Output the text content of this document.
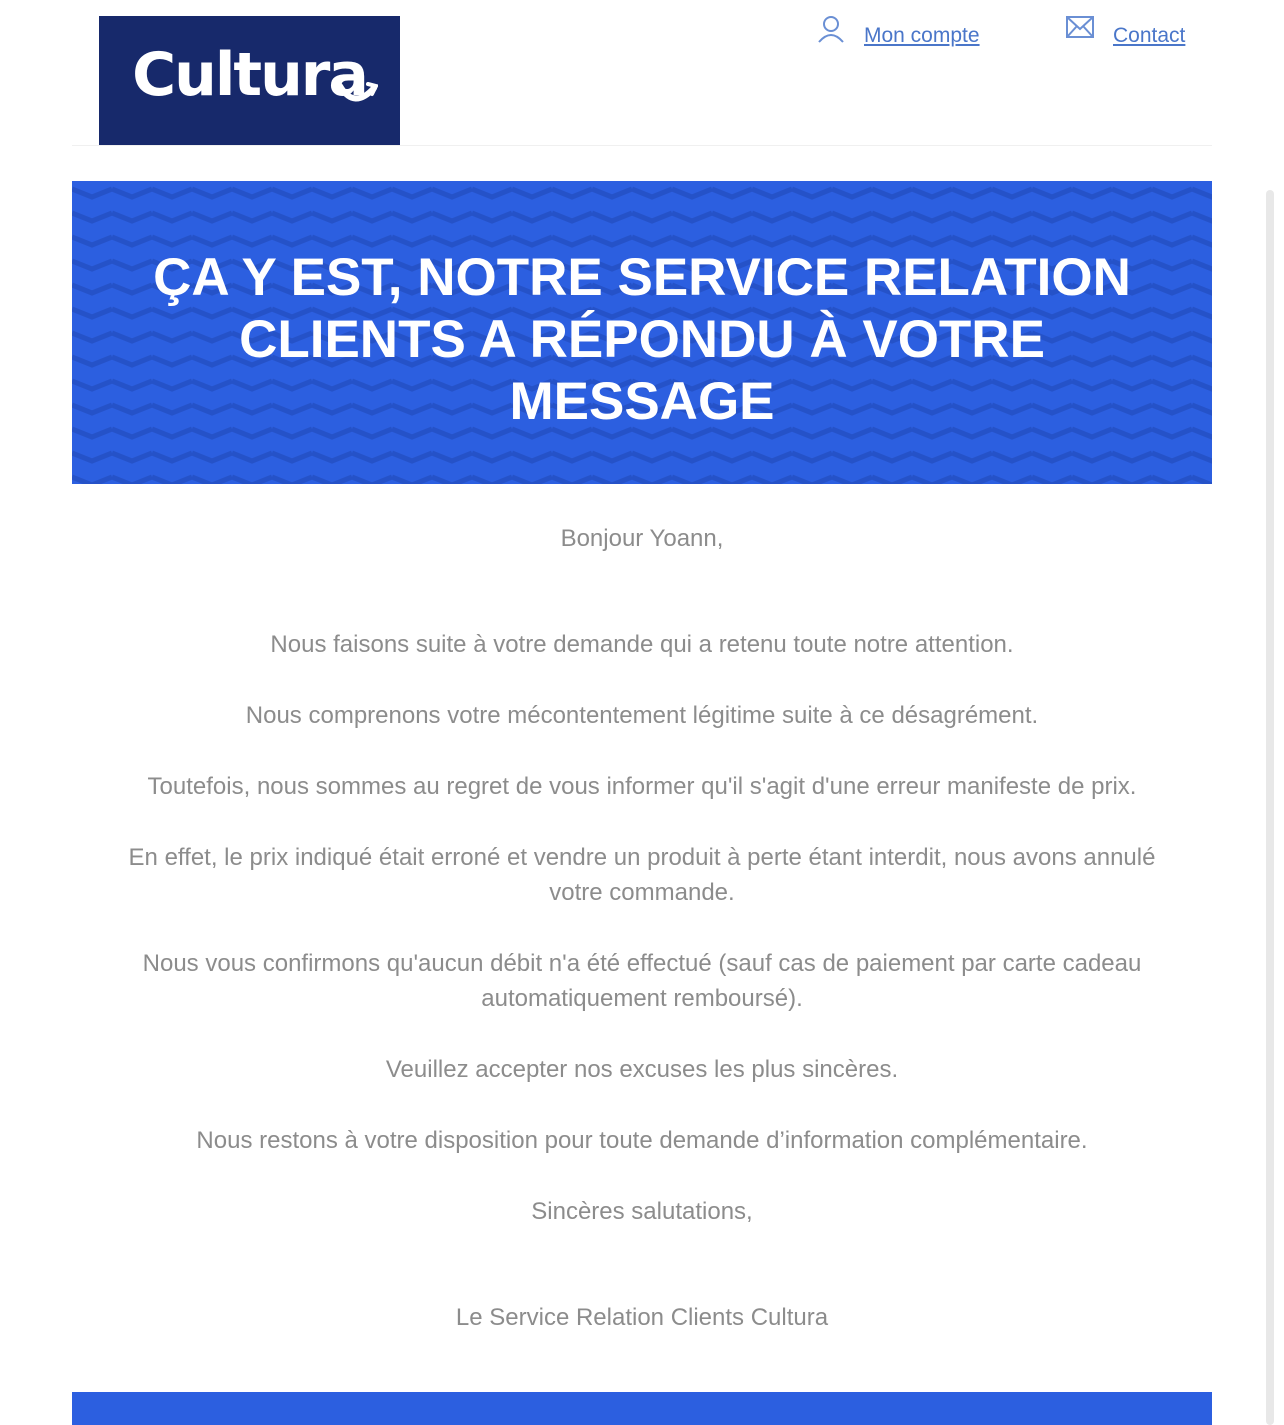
Cultura
Mon compte	Contact
ÇA Y EST, NOTRE SERVICE RELATION CLIENTS A RÉPONDU À VOTRE MESSAGE

Bonjour Yoann,

Nous faisons suite à votre demande qui a retenu toute notre attention.

Nous comprenons votre mécontentement légitime suite à ce désagrément.

Toutefois, nous sommes au regret de vous informer qu'il s'agit d'une erreur manifeste de prix.

En effet, le prix indiqué était erroné et vendre un produit à perte étant interdit, nous avons annulé votre commande.

Nous vous confirmons qu'aucun débit n'a été effectué (sauf cas de paiement par carte cadeau automatiquement remboursé).

Veuillez accepter nos excuses les plus sincères.

Nous restons à votre disposition pour toute demande d’information complémentaire.

Sincères salutations,

Le Service Relation Clients Cultura
